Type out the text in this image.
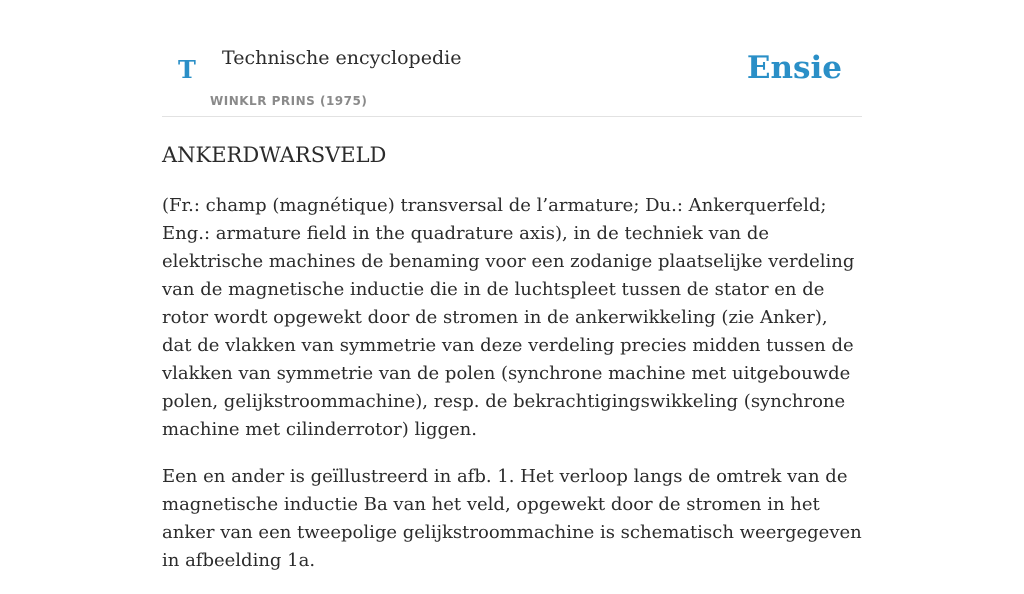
T Technische encyclopedie
WINKLR PRINS (1975)
Ensie
ANKERDWARSVELD

(Fr.: champ (magnétique) transversal de l’armature; Du.: Ankerquerfeld; Eng.: armature field in the quadrature axis), in de techniek van de elektrische machines de benaming voor een zodanige plaatselijke verdeling van de magnetische inductie die in de luchtspleet tussen de stator en de rotor wordt opgewekt door de stromen in de ankerwikkeling (zie Anker), dat de vlakken van symmetrie van deze verdeling precies midden tussen de vlakken van symmetrie van de polen (synchrone machine met uitgebouwde polen, gelijkstroommachine), resp. de bekrachtigingswikkeling (synchrone machine met cilinderrotor) liggen.

Een en ander is geïllustreerd in afb. 1. Het verloop langs de omtrek van de magnetische inductie Ba van het veld, opgewekt door de stromen in het anker van een tweepolige gelijkstroommachine is schematisch weergegeven in afbeelding 1a.
